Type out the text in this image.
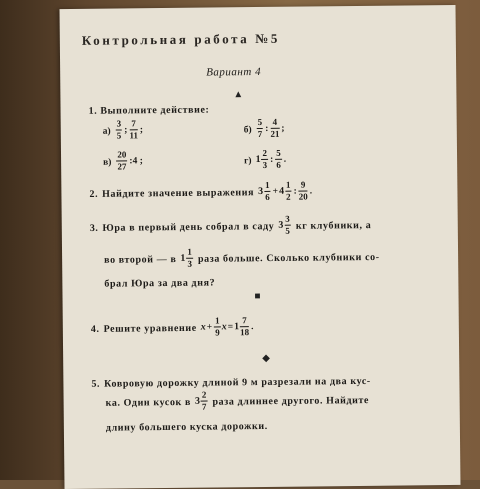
Контрольная работа №5
Вариант 4
▲
1. Выполните действие:
$а) \frac{3}{5}$ ; $\frac{7}{11}$ ;	$б) \frac{5}{7}$ : $\frac{4}{21}$ ;
$в) \frac{20}{27}$ :4 ;	г) $1 \frac{2}{3}$ : $\frac{5}{6}$ .
2. Найдите значение выражения $3 \frac{1}{6} +4 \frac{1}{2}$ : $\frac{9}{20}$ .
3. Юра в первый день собрал в саду $3 \frac{3}{5}$ кг клубники, а
во второй — в $1 \frac{1}{3}$ раза больше. Сколько клубники со-
брал Юра за два дня?
■
4. Решите уравнение $x+ \frac{1}{9} x=1 \frac{7}{18}$ .
◆
5. Ковровую дорожку длиной 9 м разрезали на два кус-
ка. Один кусок в $3 \frac{2}{7}$ раза длиннее другого. Найдите
длину большего куска дорожки.
